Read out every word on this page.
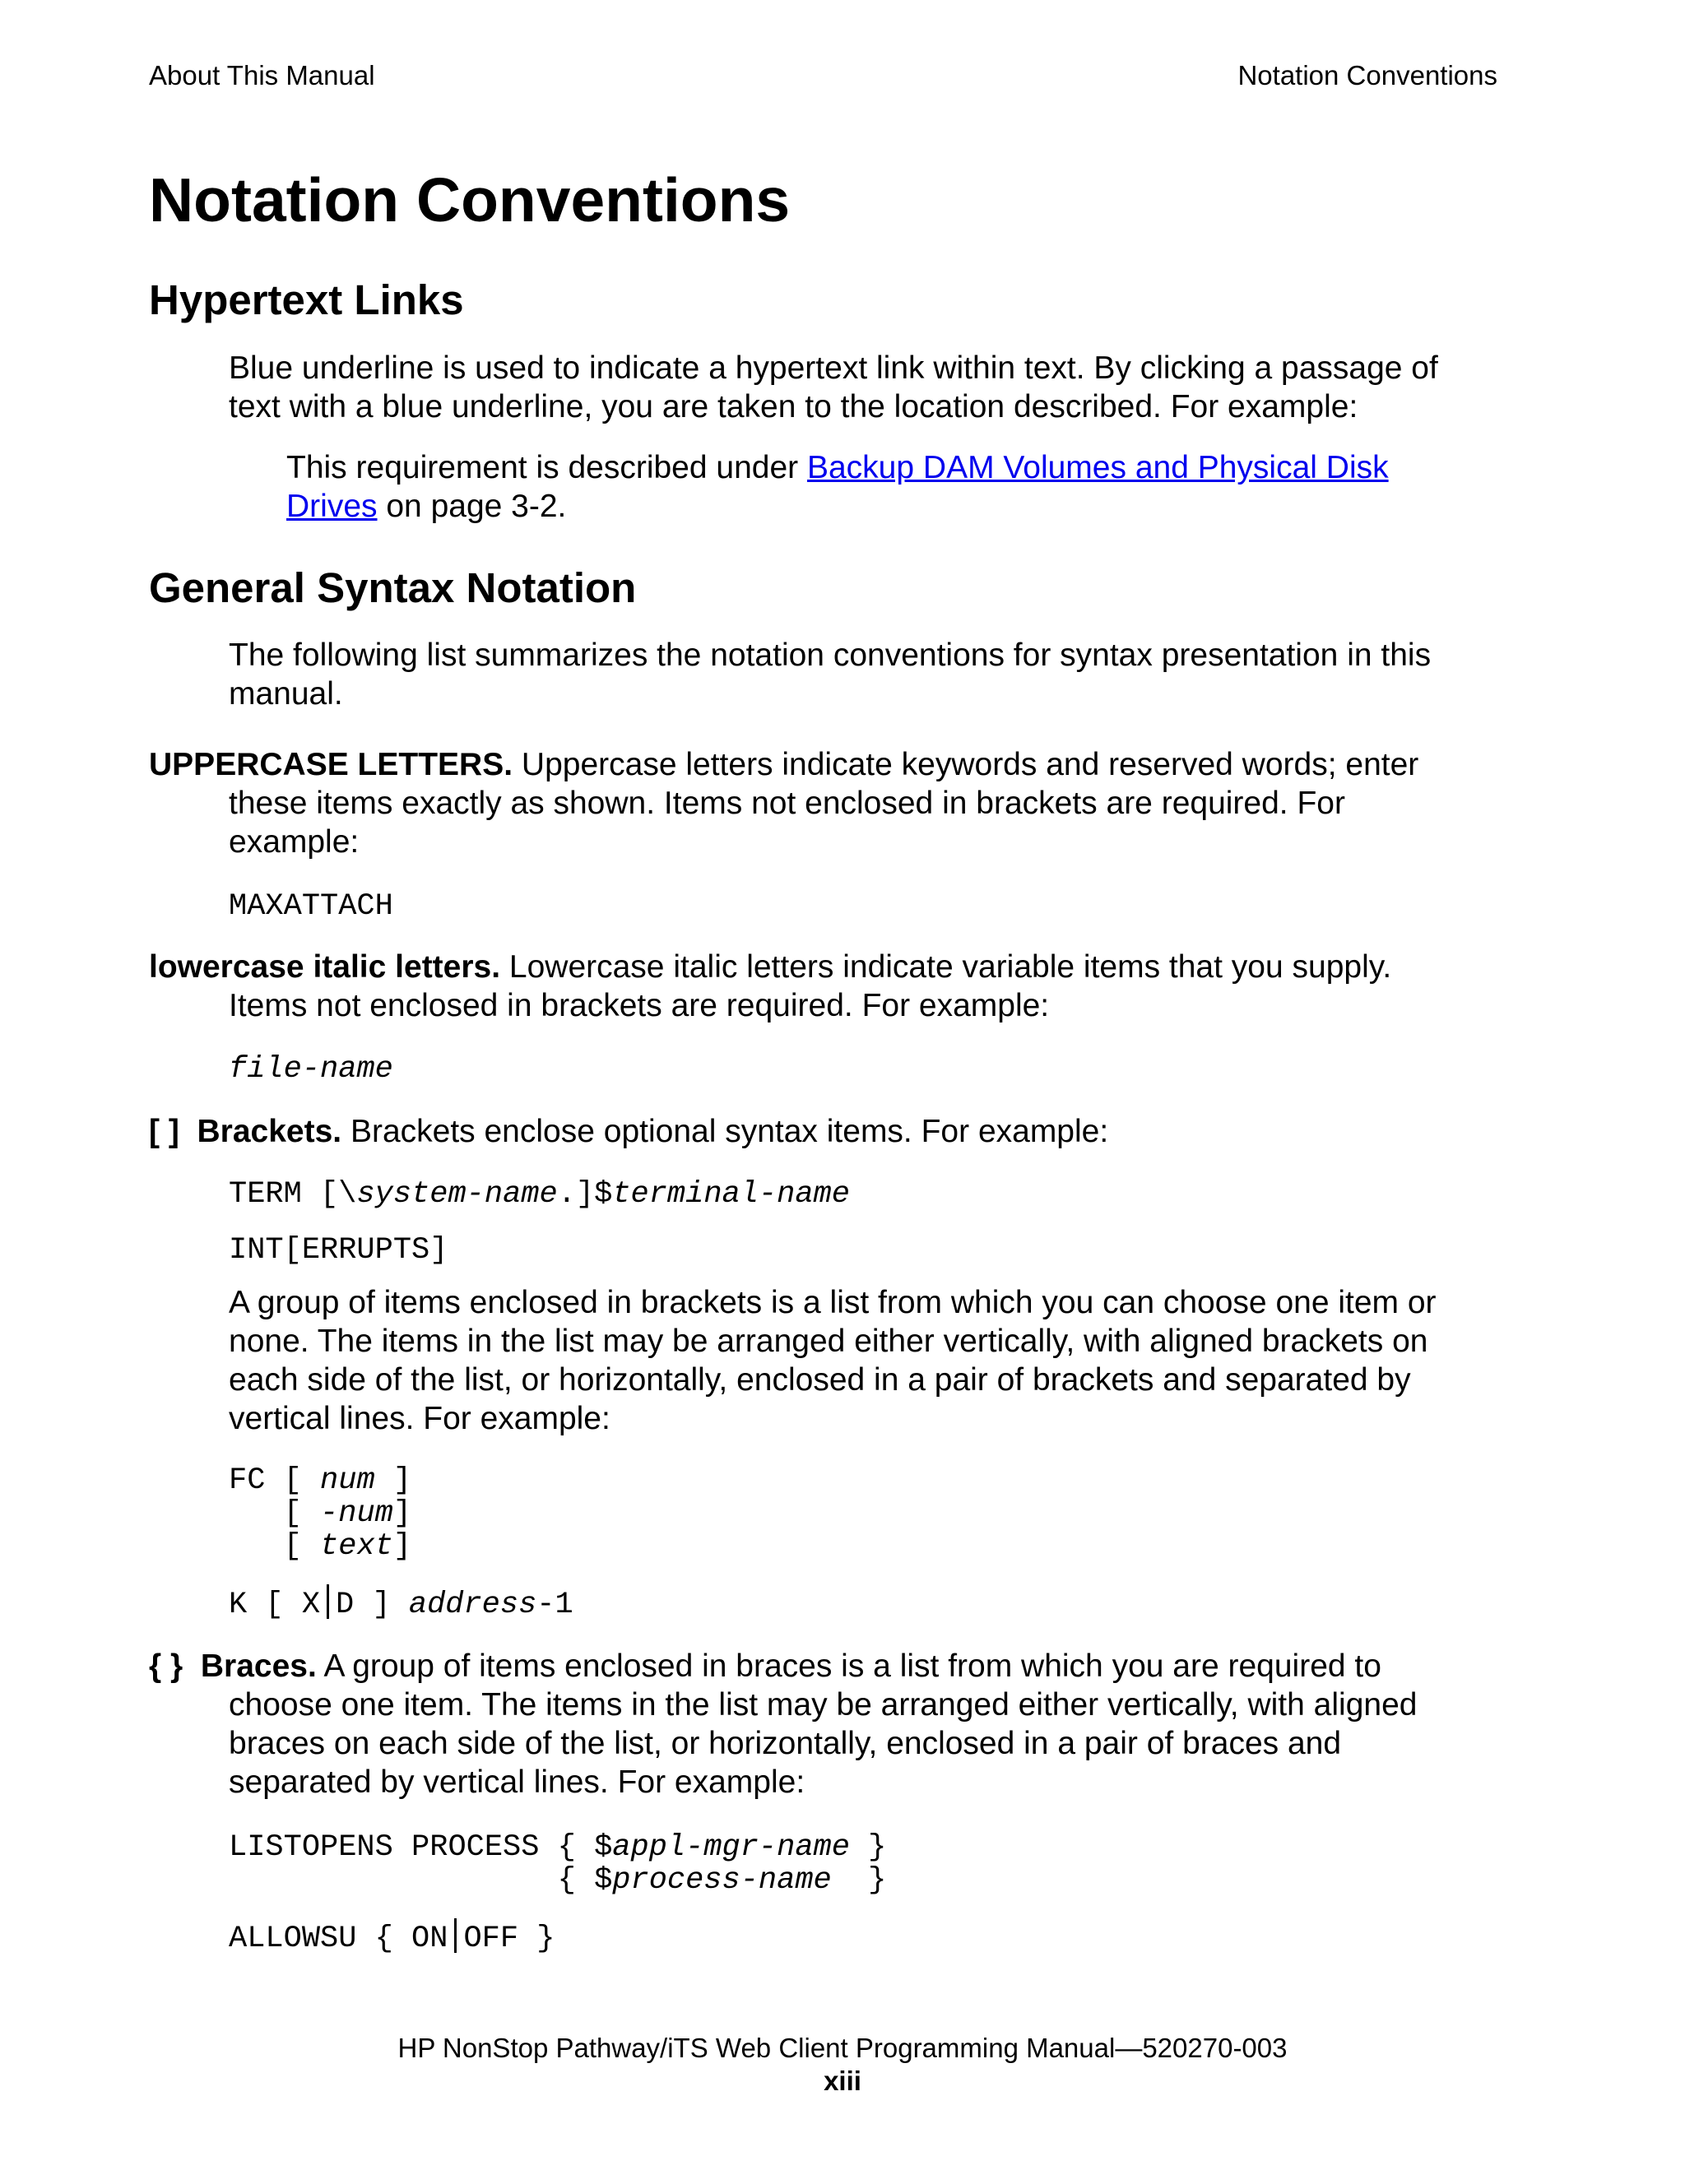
About This Manual	Notation Conventions
Notation Conventions
Hypertext Links
Blue underline is used to indicate a hypertext link within text. By clicking a passage of
text with a blue underline, you are taken to the location described. For example:
This requirement is described under Backup DAM Volumes and Physical Disk
Drives on page 3-2.
General Syntax Notation
The following list summarizes the notation conventions for syntax presentation in this
manual.
UPPERCASE LETTERS. Uppercase letters indicate keywords and reserved words; enter
these items exactly as shown. Items not enclosed in brackets are required. For
example:
MAXATTACH
lowercase italic letters. Lowercase italic letters indicate variable items that you supply.
Items not enclosed in brackets are required. For example:
file-name
[ ] Brackets. Brackets enclose optional syntax items. For example:
TERM [\system-name.]$terminal-name
INT[ERRUPTS]
A group of items enclosed in brackets is a list from which you can choose one item or
none. The items in the list may be arranged either vertically, with aligned brackets on
each side of the list, or horizontally, enclosed in a pair of brackets and separated by
vertical lines. For example:
FC [ num ]
[ -num]
[ text]
K [ X D ] address-1
{ } Braces. A group of items enclosed in braces is a list from which you are required to
choose one item. The items in the list may be arranged either vertically, with aligned
braces on each side of the list, or horizontally, enclosed in a pair of braces and
separated by vertical lines. For example:
LISTOPENS PROCESS { $appl-mgr-name }
{ $process-name  }
ALLOWSU { ON OFF }
HP NonStop Pathway/iTS Web Client Programming Manual—520270-003
xiii
